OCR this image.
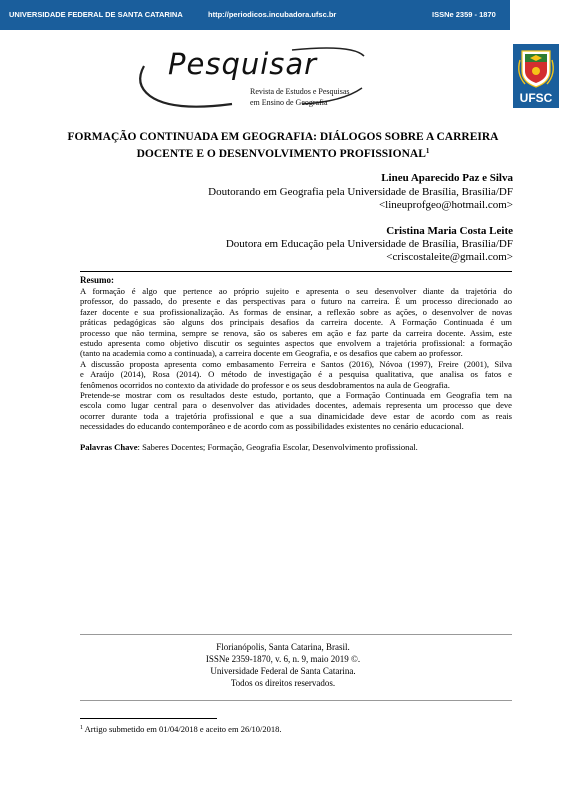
UNIVERSIDADE FEDERAL DE SANTA CATARINA	http://periodicos.incubadora.ufsc.br	ISSNe 2359 - 1870
UFSC
Pesquisar
Revista de Estudos e Pesquisas
em Ensino de Geografia
FORMAÇÃO CONTINUADA EM GEOGRAFIA: DIÁLOGOS SOBRE A CARREIRA
DOCENTE E O DESENVOLVIMENTO PROFISSIONAL$^1$
Lineu Aparecido Paz e Silva
Doutorando em Geografia pela Universidade de Brasília, Brasília/DF
<lineuprofgeo@hotmail.com>
Cristina Maria Costa Leite
Doutora em Educação pela Universidade de Brasília, Brasília/DF
<criscostaleite@gmail.com>
Resumo:
A formação é algo que pertence ao próprio sujeito e apresenta o seu desenvolver diante da trajetória do
professor, do passado, do presente e das perspectivas para o futuro na carreira. É um processo direcionado ao
fazer docente e sua profissionalização. As formas de ensinar, a reflexão sobre as ações, o desenvolver de novas
práticas pedagógicas são alguns dos principais desafios da carreira docente. A Formação Continuada é um
processo que não termina, sempre se renova, são os saberes em ação e faz parte da carreira docente. Assim, este
estudo apresenta como objetivo discutir os seguintes aspectos que envolvem a trajetória profissional: a formação
(tanto na academia como a continuada), a carreira docente em Geografia, e os desafios que cabem ao professor.
A discussão proposta apresenta como embasamento Ferreira e Santos (2016), Nóvoa (1997), Freire (2001), Silva
e Araújo (2014), Rosa (2014). O método de investigação é a pesquisa qualitativa, que analisa os fatos e
fenômenos ocorridos no contexto da atividade do professor e os seus desdobramentos na aula de Geografia.
Pretende-se mostrar com os resultados deste estudo, portanto, que a Formação Continuada em Geografia tem na
escola como lugar central para o desenvolver das atividades docentes, ademais representa um processo que deve
ocorrer durante toda a trajetória profissional e que a sua dinamicidade deve estar de acordo com as reais
necessidades do educando contemporâneo e de acordo com as possibilidades existentes no cenário educacional.
Palavras Chave: Saberes Docentes; Formação, Geografia Escolar, Desenvolvimento profissional.
Florianópolis, Santa Catarina, Brasil.
ISSNe 2359-1870, v. 6, n. 9, maio 2019 ©.
Universidade Federal de Santa Catarina.
Todos os direitos reservados.
$^1$ Artigo submetido em 01/04/2018 e aceito em 26/10/2018.
